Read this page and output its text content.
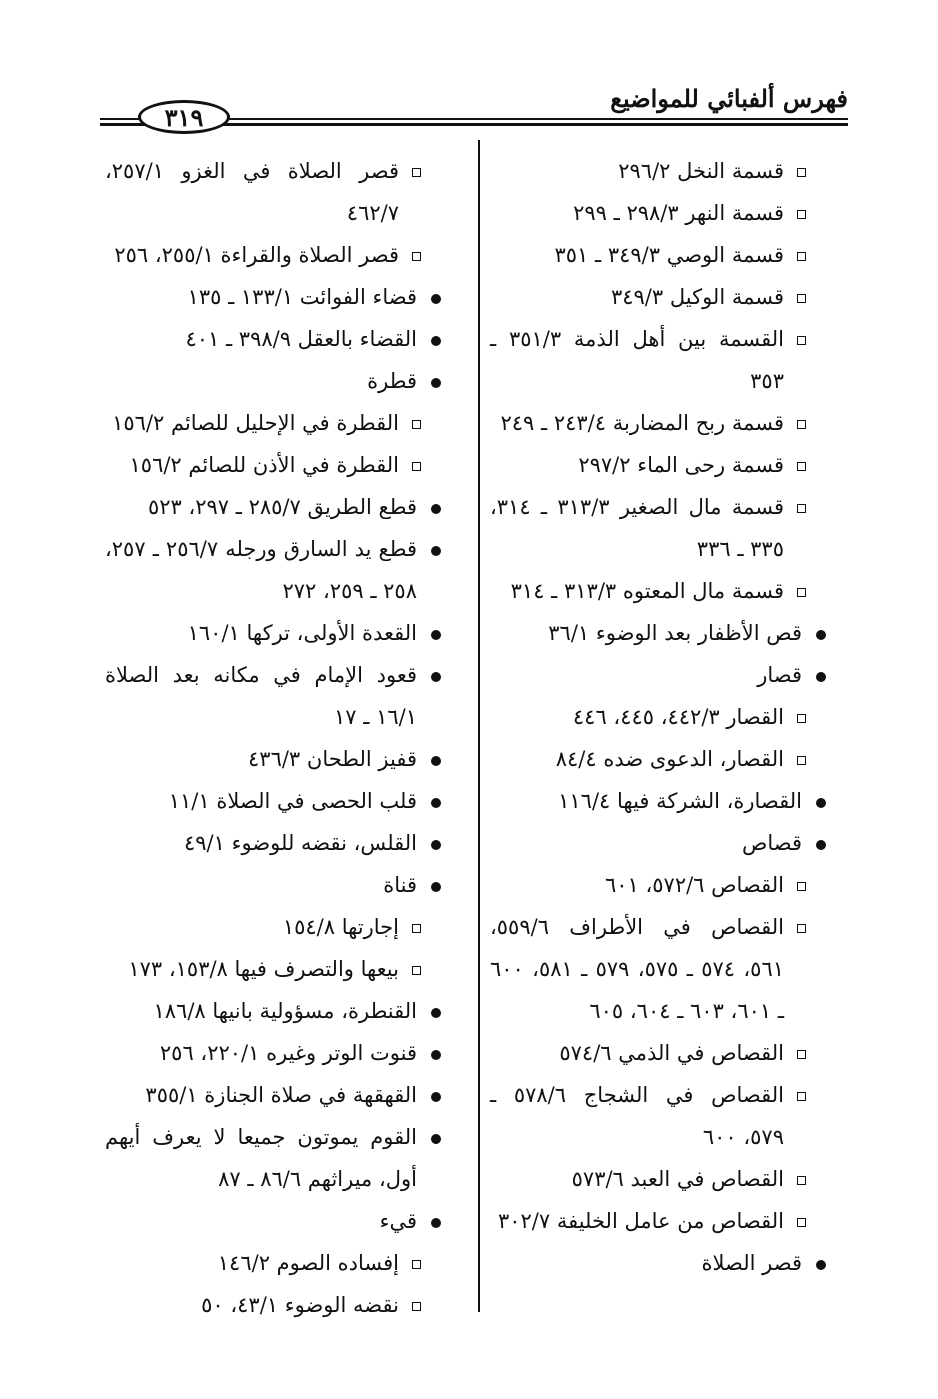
فهرس ألفبائي للمواضيع
٣١٩
قسمة النخل ٢٩٦/٢
قسمة النهر ٢٩٨/٣ ـ ٢٩٩
قسمة الوصي ٣٤٩/٣ ـ ٣٥١
قسمة الوكيل ٣٤٩/٣
القسمة بين أهل الذمة ٣٥١/٣ ـ ٣٥٣
قسمة ربح المضاربة ٢٤٣/٤ ـ ٢٤٩
قسمة رحى الماء ٢٩٧/٢
قسمة مال الصغير ٣١٣/٣ ـ ٣١٤، ٣٣٥ ـ ٣٣٦
قسمة مال المعتوه ٣١٣/٣ ـ ٣١٤
قص الأظفار بعد الوضوء ٣٦/١
قصار
القصار ٤٤٢/٣، ٤٤٥، ٤٤٦
القصار، الدعوى ضده ٨٤/٤
القصارة، الشركة فيها ١١٦/٤
قصاص
القصاص ٥٧٢/٦، ٦٠١
القصاص في الأطراف ٥٥٩/٦، ٥٦١، ٥٧٤ ـ ٥٧٥، ٥٧٩ ـ ٥٨١، ٦٠٠ ـ ٦٠١، ٦٠٣ ـ ٦٠٤، ٦٠٥
القصاص في الذمي ٥٧٤/٦
القصاص في الشجاج ٥٧٨/٦ ـ ٥٧٩، ٦٠٠
القصاص في العبد ٥٧٣/٦
القصاص من عامل الخليفة ٣٠٢/٧
قصر الصلاة
قصر الصلاة في الغزو ٢٥٧/١، ٤٦٢/٧
قصر الصلاة والقراءة ٢٥٥/١، ٢٥٦
قضاء الفوائت ١٣٣/١ ـ ١٣٥
القضاء بالعقل ٣٩٨/٩ ـ ٤٠١
قطرة
القطرة في الإحليل للصائم ١٥٦/٢
القطرة في الأذن للصائم ١٥٦/٢
قطع الطريق ٢٨٥/٧ ـ ٢٩٧، ٥٢٣
قطع يد السارق ورجله ٢٥٦/٧ ـ ٢٥٧، ٢٥٨ ـ ٢٥٩، ٢٧٢
القعدة الأولى، تركها ١٦٠/١
قعود الإمام في مكانه بعد الصلاة ١٦/١ ـ ١٧
قفيز الطحان ٤٣٦/٣
قلب الحصى في الصلاة ١١/١
القلس، نقضه للوضوء ٤٩/١
قناة
إجارتها ١٥٤/٨
بيعها والتصرف فيها ١٥٣/٨، ١٧٣
القنطرة، مسؤولية بانيها ١٨٦/٨
قنوت الوتر وغيره ٢٢٠/١، ٢٥٦
القهقهة في صلاة الجنازة ٣٥٥/١
القوم يموتون جميعا لا يعرف أيهم أول، ميراثهم ٨٦/٦ ـ ٨٧
قيء
إفساده الصوم ١٤٦/٢
نقضه الوضوء ٤٣/١، ٥٠
